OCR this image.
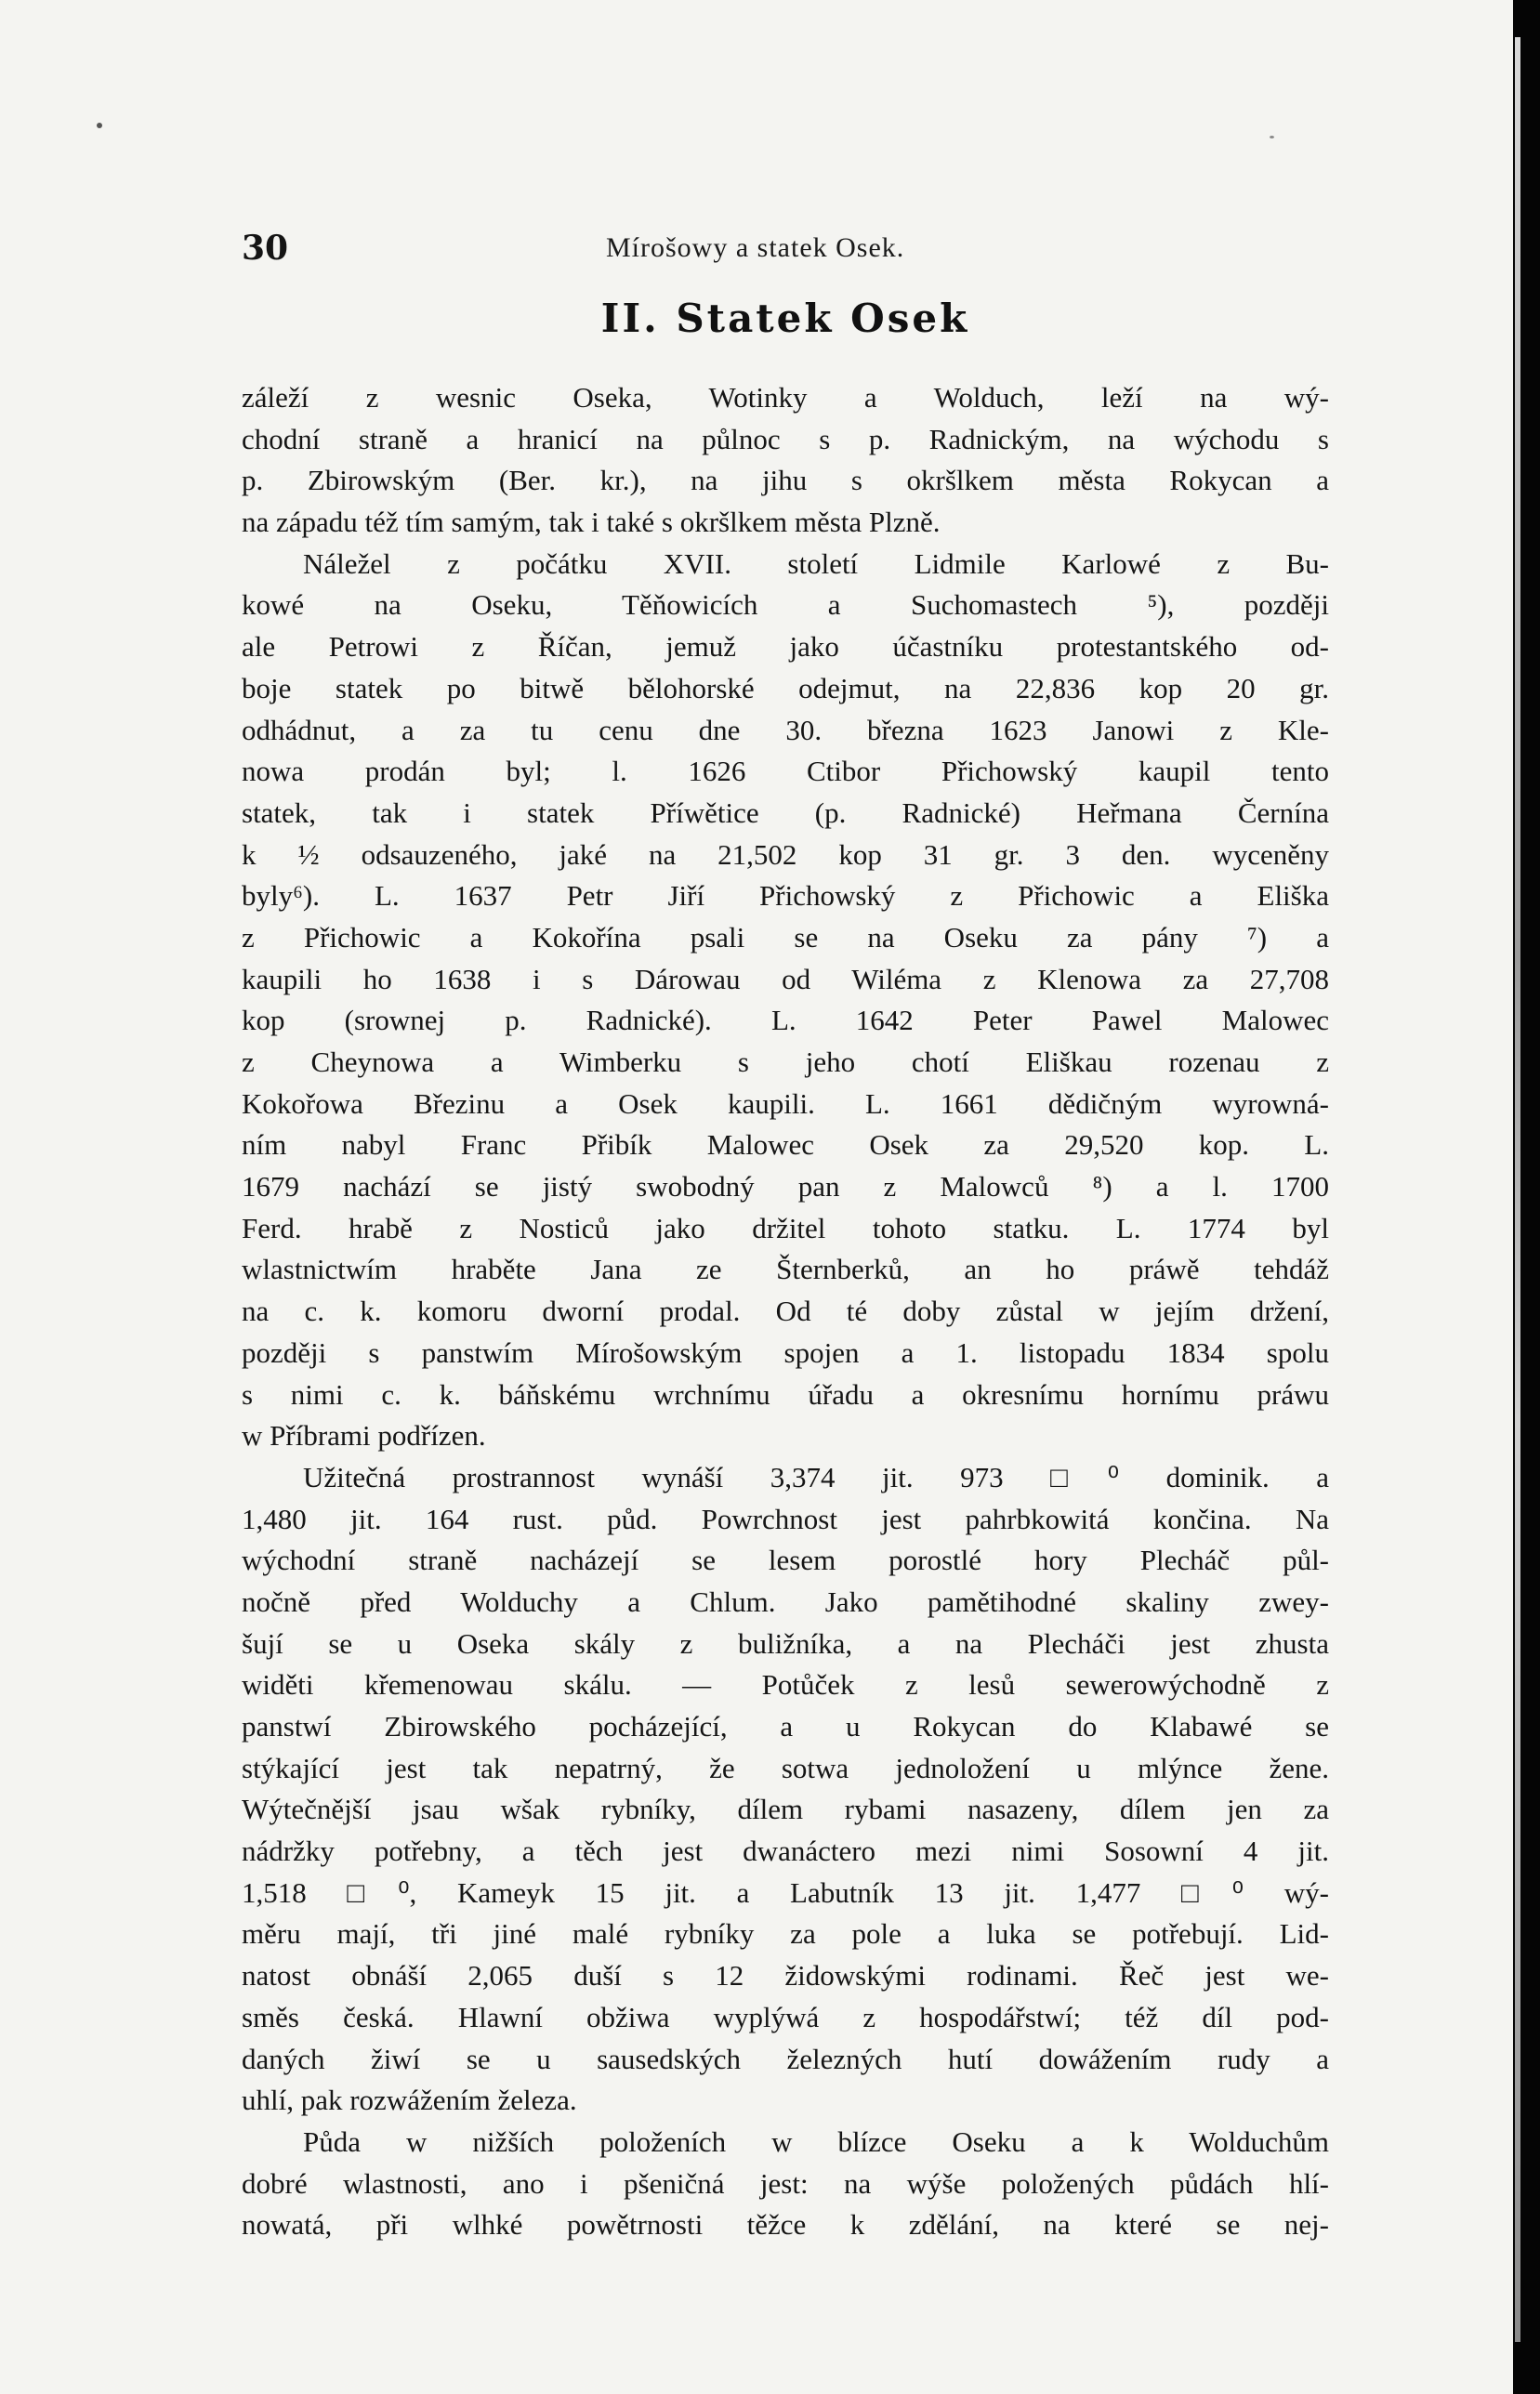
30	Mírošowy a statek Osek.
II. Statek Osek
záleží z wesnic Oseka, Wotinky a Wolduch, leží na wý-
chodní straně a hranicí na půlnoc s p. Radnickým, na wýchodu s
p. Zbirowským (Ber. kr.), na jihu s okršlkem města Rokycan a
na západu též tím samým, tak i také s okršlkem města Plzně.
Náležel z počátku XVII. století Lidmile Karlowé z Bu-
kowé na Oseku, Těňowicích a Suchomastech ⁵), později
ale Petrowi z Říčan, jemuž jako účastníku protestantského od-
boje statek po bitwě bělohorské odejmut, na 22,836 kop 20 gr.
odhádnut, a za tu cenu dne 30. března 1623 Janowi z Kle-
nowa prodán byl; l. 1626 Ctibor Přichowský kaupil tento
statek, tak i statek Příwětice (p. Radnické) Heřmana Černína
k ½ odsauzeného, jaké na 21,502 kop 31 gr. 3 den. wyceněny
byly⁶). L. 1637 Petr Jiří Přichowský z Přichowic a Eliška
z Přichowic a Kokořína psali se na Oseku za pány ⁷) a
kaupili ho 1638 i s Dárowau od Wiléma z Klenowa za 27,708
kop (srownej p. Radnické). L. 1642 Peter Pawel Malowec
z Cheynowa a Wimberku s jeho chotí Eliškau rozenau z
Kokořowa Březinu a Osek kaupili. L. 1661 dědičným wyrowná-
ním nabyl Franc Přibík Malowec Osek za 29,520 kop. L.
1679 nachází se jistý swobodný pan z Malowců ⁸) a l. 1700
Ferd. hrabě z Nosticů jako držitel tohoto statku. L. 1774 byl
wlastnictwím hraběte Jana ze Šternberků, an ho práwě tehdáž
na c. k. komoru dworní prodal. Od té doby zůstal w jejím držení,
později s panstwím Mírošowským spojen a 1. listopadu 1834 spolu
s nimi c. k. báňskému wrchnímu úřadu a okresnímu hornímu práwu
w Příbrami podřízen.
Užitečná prostrannost wynáší 3,374 jit. 973 □⁰ dominik. a
1,480 jit. 164 rust. půd. Powrchnost jest pahrbkowitá končina. Na
wýchodní straně nacházejí se lesem porostlé hory Plecháč půl-
nočně před Wolduchy a Chlum. Jako pamětihodné skaliny zwey-
šují se u Oseka skály z buližníka, a na Plecháči jest zhusta
widěti křemenowau skálu. — Potůček z lesů sewerowýchodně z
panstwí Zbirowského pocházející, a u Rokycan do Klabawé se
stýkající jest tak nepatrný, že sotwa jednoložení u mlýnce žene.
Wýtečnější jsau wšak rybníky, dílem rybami nasazeny, dílem jen za
nádržky potřebny, a těch jest dwanáctero mezi nimi Sosowní 4 jit.
1,518 □⁰, Kameyk 15 jit. a Labutník 13 jit. 1,477 □⁰ wý-
měru mají, tři jiné malé rybníky za pole a luka se potřebují. Lid-
natost obnáší 2,065 duší s 12 židowskými rodinami. Řeč jest we-
směs česká. Hlawní obžiwa wyplýwá z hospodářstwí; též díl pod-
daných žiwí se u sausedských železných hutí dowážením rudy a
uhlí, pak rozwážením železa.
Půda w nižších položeních w blízce Oseku a k Wolduchům
dobré wlastnosti, ano i pšeničná jest: na wýše položených půdách hlí-
nowatá, při wlhké powětrnosti těžce k zdělání, na které se nej-
